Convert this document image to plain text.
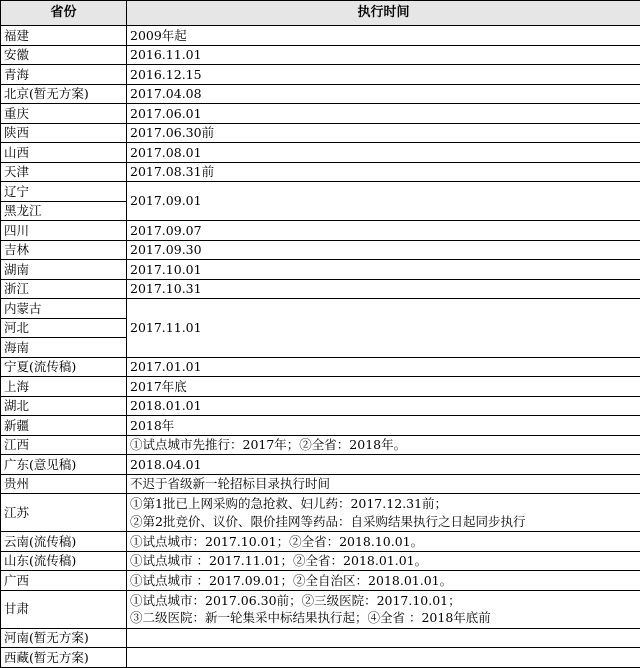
省份	执行时间
福建	2009年起
安徽	2016.11.01
青海	2016.12.15
北京(暂无方案)	2017.04.08
重庆	2017.06.01
陕西	2017.06.30前
山西	2017.08.01
天津	2017.08.31前
辽宁	2017.09.01
黑龙江	
四川	2017.09.07
吉林	2017.09.30
湖南	2017.10.01
浙江	2017.10.31
内蒙古	2017.11.01
河北	
海南	
宁夏(流传稿)	2017.01.01
上海	2017年底
湖北	2018.01.01
新疆	2018年
江西	①试点城市先推行：2017年；②全省：2018年。
广东(意见稿)	2018.04.01
贵州	不迟于省级新一轮招标目录执行时间
江苏	①第1批已上网采购的急抢救、妇儿药：2017.12.31前；
②第2批竞价、议价、限价挂网等药品：自采购结果执行之日起同步执行

云南(流传稿)	①试点城市：2017.10.01；②全省：2018.10.01。
山东(流传稿)	①试点城市 ：2017.11.01；②全省：2018.01.01。
广西	①试点城市 ：2017.09.01；②全自治区：2018.01.01。
甘肃	①试点城市：2017.06.30前；②三级医院：2017.10.01；
③二级医院：新一轮集采中标结果执行起；④全省 ：2018年底前

河南(暂无方案)	
西藏(暂无方案)	
